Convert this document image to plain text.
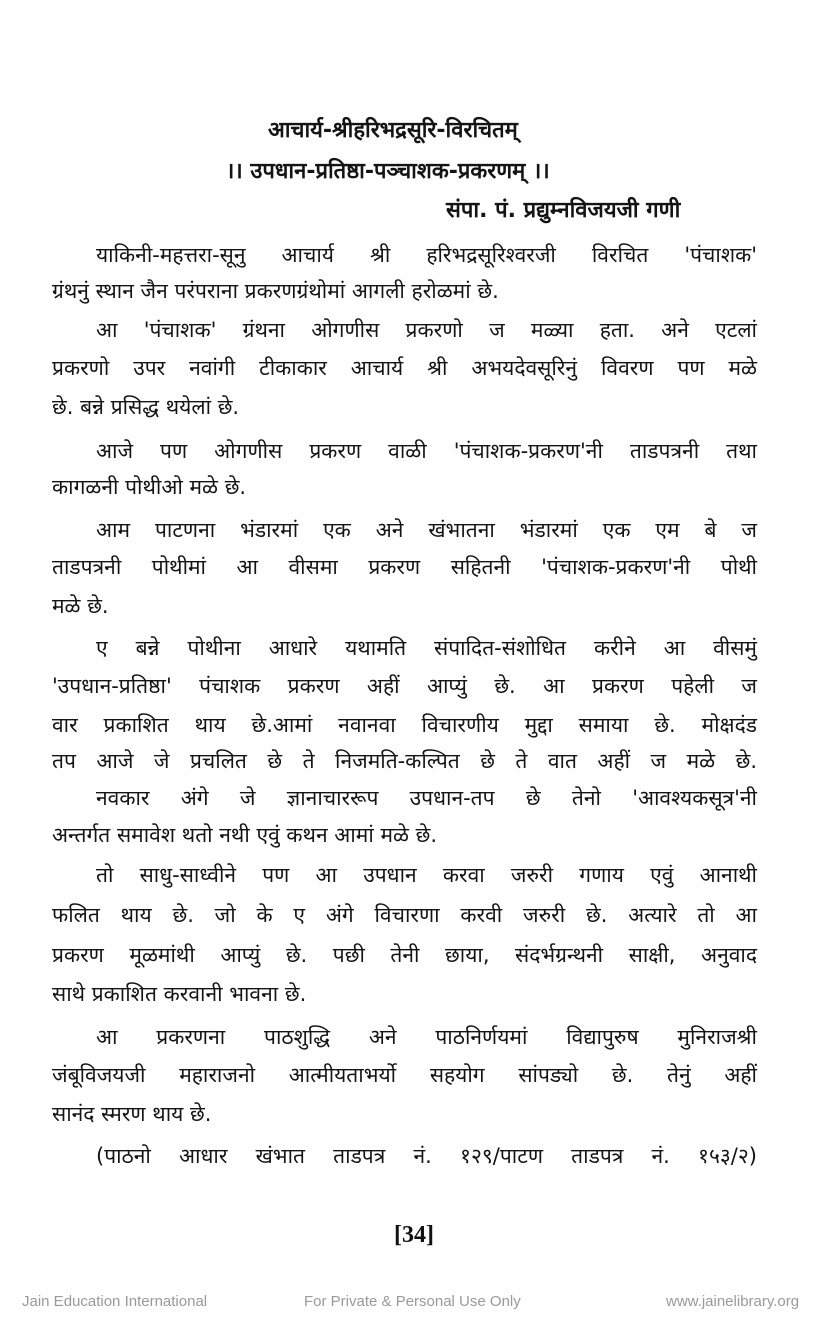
आचार्य-श्रीहरिभद्रसूरि-विरचितम्
।। उपधान-प्रतिष्ठा-पञ्चाशक-प्रकरणम् ।।
संपा. पं. प्रद्युम्नविजयजी गणी
याकिनी-महत्तरा-सूनु आचार्य श्री हरिभद्रसूरिश्वरजी विरचित 'पंचाशक'
ग्रंथनुं स्थान जैन परंपराना प्रकरणग्रंथोमां आगली हरोळमां छे.
आ 'पंचाशक' ग्रंथना ओगणीस प्रकरणो ज मळ्या हता. अने एटलां
प्रकरणो उपर नवांगी टीकाकार आचार्य श्री अभयदेवसूरिनुं विवरण पण मळे
छे. बन्ने प्रसिद्ध थयेलां छे.
आजे पण ओगणीस प्रकरण वाळी 'पंचाशक-प्रकरण'नी ताडपत्रनी तथा
कागळनी पोथीओ मळे छे.
आम पाटणना भंडारमां एक अने खंभातना भंडारमां एक एम बे ज
ताडपत्रनी पोथीमां आ वीसमा प्रकरण सहितनी 'पंचाशक-प्रकरण'नी पोथी
मळे छे.
ए बन्ने पोथीना आधारे यथामति संपादित-संशोधित करीने आ वीसमुं
'उपधान-प्रतिष्ठा' पंचाशक प्रकरण अहीं आप्युं छे. आ प्रकरण पहेली ज
वार प्रकाशित थाय छे.आमां नवानवा विचारणीय मुद्दा समाया छे. मोक्षदंड
तप आजे जे प्रचलित छे ते निजमति-कल्पित छे ते वात अहीं ज मळे छे.
नवकार अंगे जे ज्ञानाचाररूप उपधान-तप छे तेनो 'आवश्यकसूत्र'नी
अन्तर्गत समावेश थतो नथी एवुं कथन आमां मळे छे.
तो साधु-साध्वीने पण आ उपधान करवा जरुरी गणाय एवुं आनाथी
फलित थाय छे. जो के ए अंगे विचारणा करवी जरुरी छे. अत्यारे तो आ
प्रकरण मूळमांथी आप्युं छे. पछी तेनी छाया, संदर्भग्रन्थनी साक्षी, अनुवाद
साथे प्रकाशित करवानी भावना छे.
आ प्रकरणना पाठशुद्धि अने पाठनिर्णयमां विद्यापुरुष मुनिराजश्री
जंबूविजयजी महाराजनो आत्मीयताभर्यो सहयोग सांपड्यो छे. तेनुं अहीं
सानंद स्मरण थाय छे.
(पाठनो आधार खंभात ताडपत्र नं. १२९/पाटण ताडपत्र नं. १५३/२)
[34]
Jain Education International	For Private & Personal Use Only	www.jainelibrary.org
